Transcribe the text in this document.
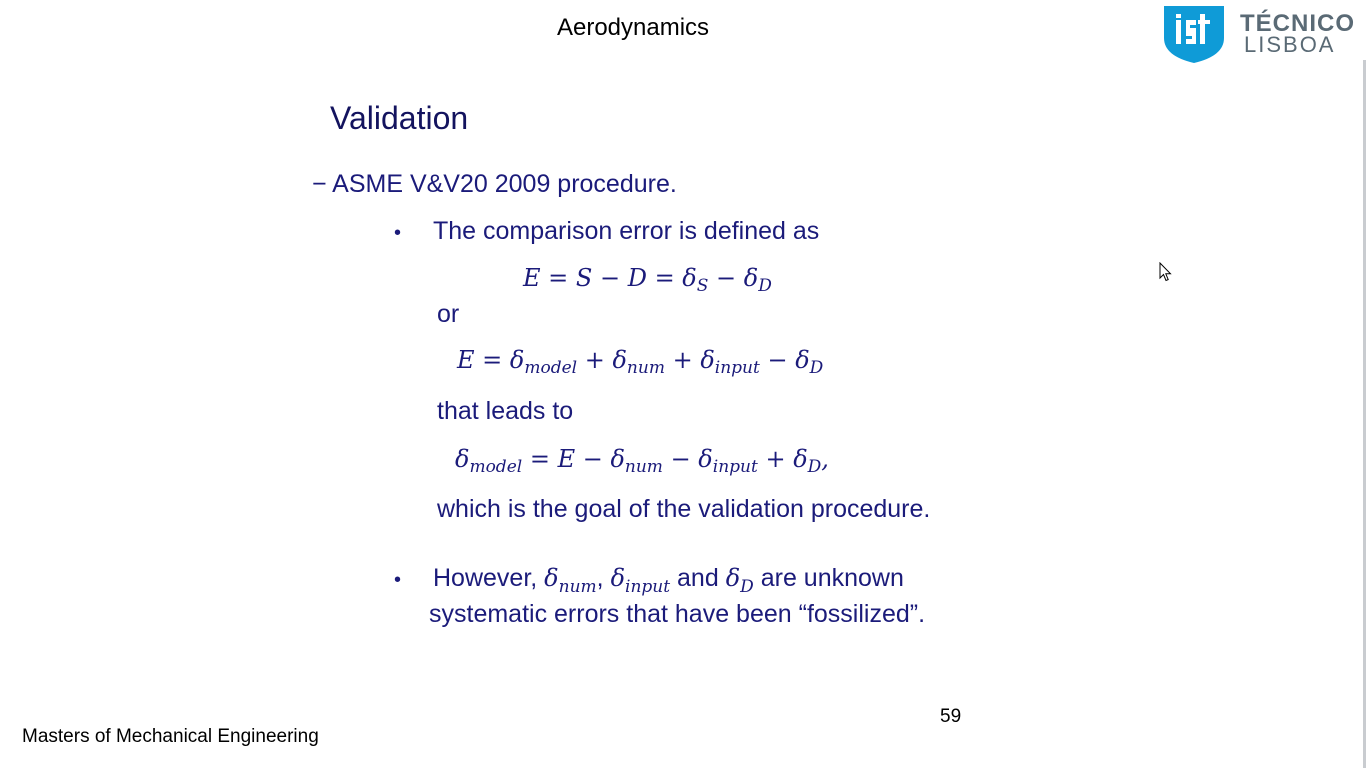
Aerodynamics	TÉCNICO
LISBOA
Validation
− ASME V&V20 2009 procedure.
• The comparison error is defined as
$E = S - D = \delta_S - \delta_D$
or
$E = \delta_{model} + \delta_{num} + \delta_{input} - \delta_D$
that leads to
$\delta_{model} = E - \delta_{num} - \delta_{input} + \delta_D$,
which is the goal of the validation procedure.
• However, $\delta_{num}$, $\delta_{input}$ and $\delta_D$ are unknown
systematic errors that have been “fossilized”.
59
Masters of Mechanical Engineering
